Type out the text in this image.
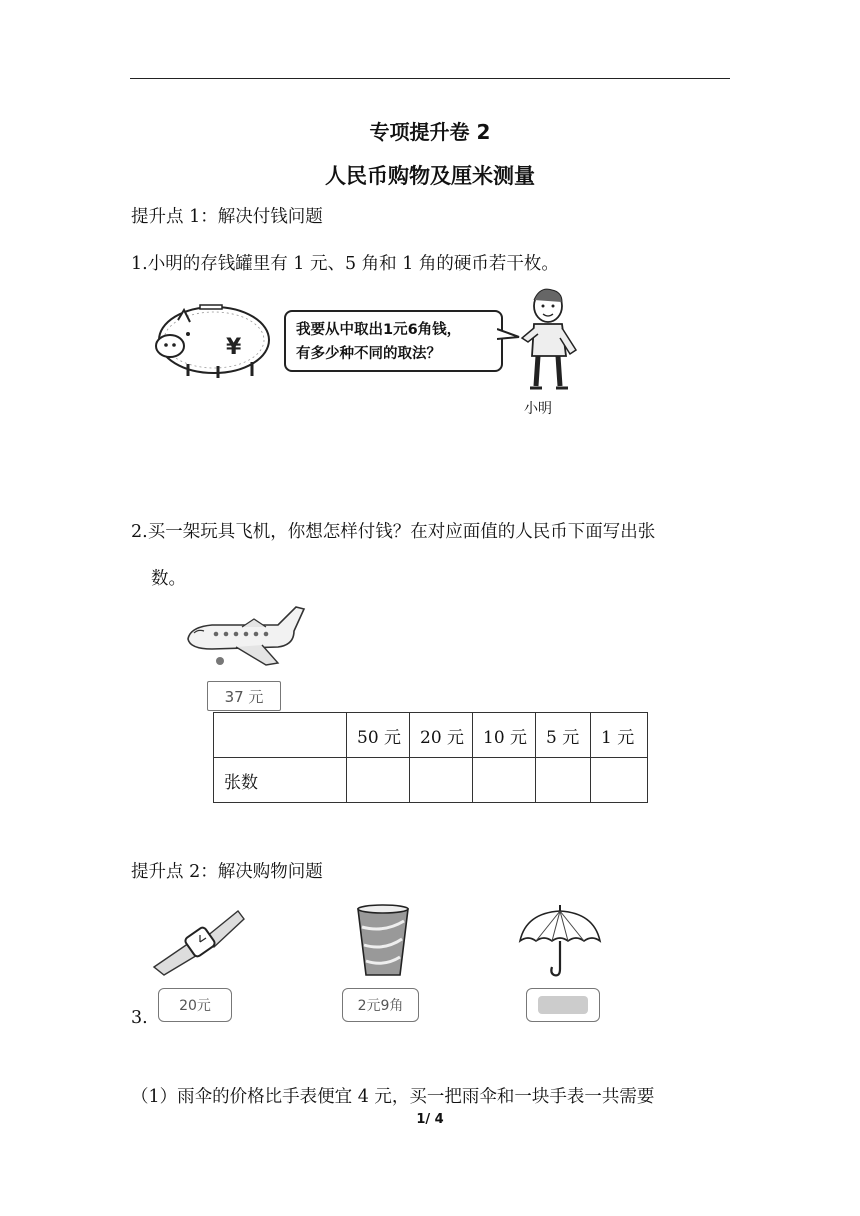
专项提升卷 2
人民币购物及厘米测量
提升点 1：解决付钱问题
1.小明的存钱罐里有 1 元、5 角和 1 角的硬币若干枚。
¥
我要从中取出1元6角钱，
有多少种不同的取法？
小明
2.买一架玩具飞机，你想怎样付钱？在对应面值的人民币下面写出张
数。
37 元
	50 元	20 元	10 元	5 元	1 元
张数					
提升点 2：解决购物问题
20元	2元9角
3.
（1）雨伞的价格比手表便宜 4 元，买一把雨伞和一块手表一共需要
1/ 4
